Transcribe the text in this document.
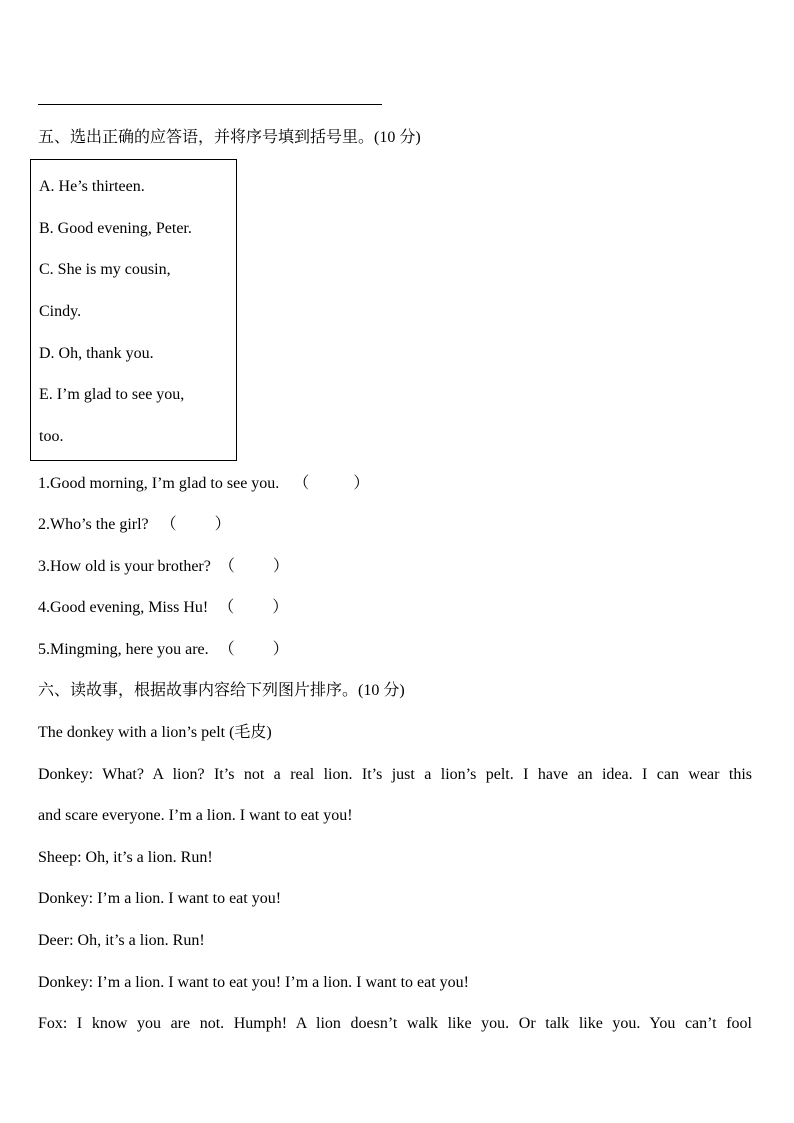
五、选出正确的应答语，并将序号填到括号里。(10 分)
A. He’s thirteen.
B. Good evening, Peter.
C. She is my cousin,
Cindy.
D. Oh, thank you.
E. I’m glad to see you,
too.
1.Good morning, I’m glad to see you. （	）
2.Who’s the girl? （ ）
3.How old is your brother? （ ）
4.Good evening, Miss Hu! （ ）
5.Mingming, here you are. （ ）
六、读故事，根据故事内容给下列图片排序。(10 分)
The donkey with a lion’s pelt (毛皮)
Donkey: What? A lion? It’s not a real lion. It’s just a lion’s pelt. I have an idea. I can wear this
and scare everyone. I’m a lion. I want to eat you!
Sheep: Oh, it’s a lion. Run!
Donkey: I’m a lion. I want to eat you!
Deer: Oh, it’s a lion. Run!
Donkey: I’m a lion. I want to eat you! I’m a lion. I want to eat you!
Fox: I know you are not. Humph! A lion doesn’t walk like you. Or talk like you. You can’t fool
